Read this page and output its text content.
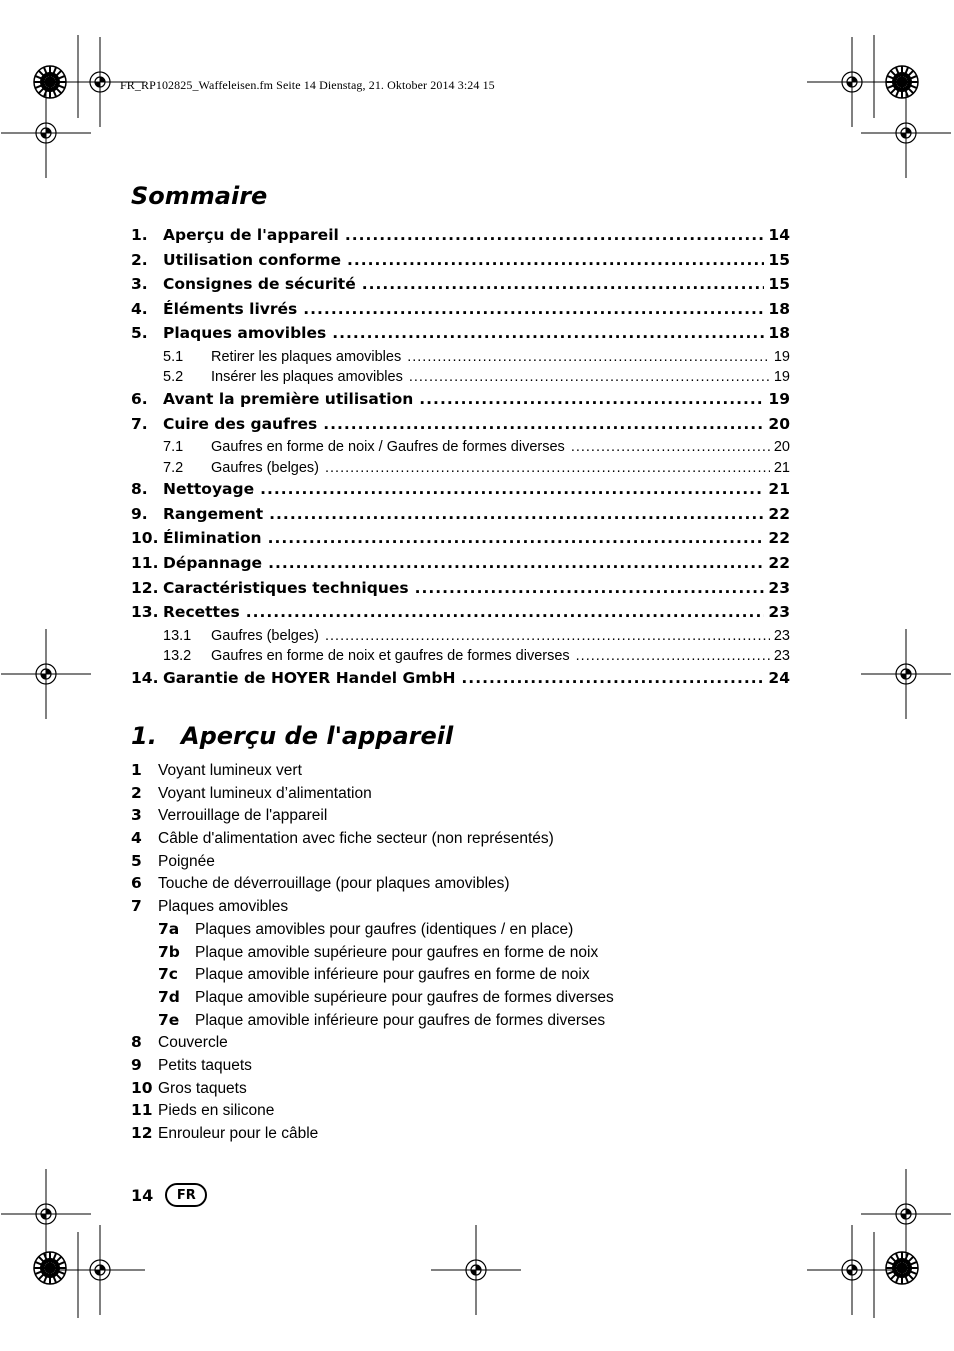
FR_RP102825_Waffeleisen.fm Seite 14 Dienstag, 21. Oktober 2014 3:24 15
Sommaire
1. Aperçu de l'appareil .....	14
2. Utilisation conforme .....	15
3. Consignes de sécurité .....	15
4. Éléments livrés .....	18
5. Plaques amovibles .....	18
5.1	Retirer les plaques amovibles .....	19
5.2	Insérer les plaques amovibles .....	19
6. Avant la première utilisation .....	19
7. Cuire des gaufres .....	20
7.1	Gaufres en forme de noix / Gaufres de formes diverses .....	20
7.2	Gaufres (belges) .....	21
8. Nettoyage .....	21
9. Rangement .....	22
10. Élimination .....	22
11. Dépannage .....	22
12. Caractéristiques techniques .....	23
13. Recettes .....	23
13.1	Gaufres (belges) .....	23
13.2	Gaufres en forme de noix et gaufres de formes diverses .....	23
14. Garantie de HOYER Handel GmbH .....	24
1. Aperçu de l'appareil
1	Voyant lumineux vert
2	Voyant lumineux d’alimentation
3	Verrouillage de l'appareil
4	Câble d'alimentation avec fiche secteur (non représentés)
5	Poignée
6	Touche de déverrouillage (pour plaques amovibles)
7	Plaques amovibles
7a	Plaques amovibles pour gaufres (identiques / en place)
7b Plaque amovible supérieure pour gaufres en forme de noix
7c	Plaque amovible inférieure pour gaufres en forme de noix
7d Plaque amovible supérieure pour gaufres de formes diverses
7e	Plaque amovible inférieure pour gaufres de formes diverses
8	Couvercle
9	Petits taquets
10 Gros taquets
11 Pieds en silicone
12 Enrouleur pour le câble
14	FR
